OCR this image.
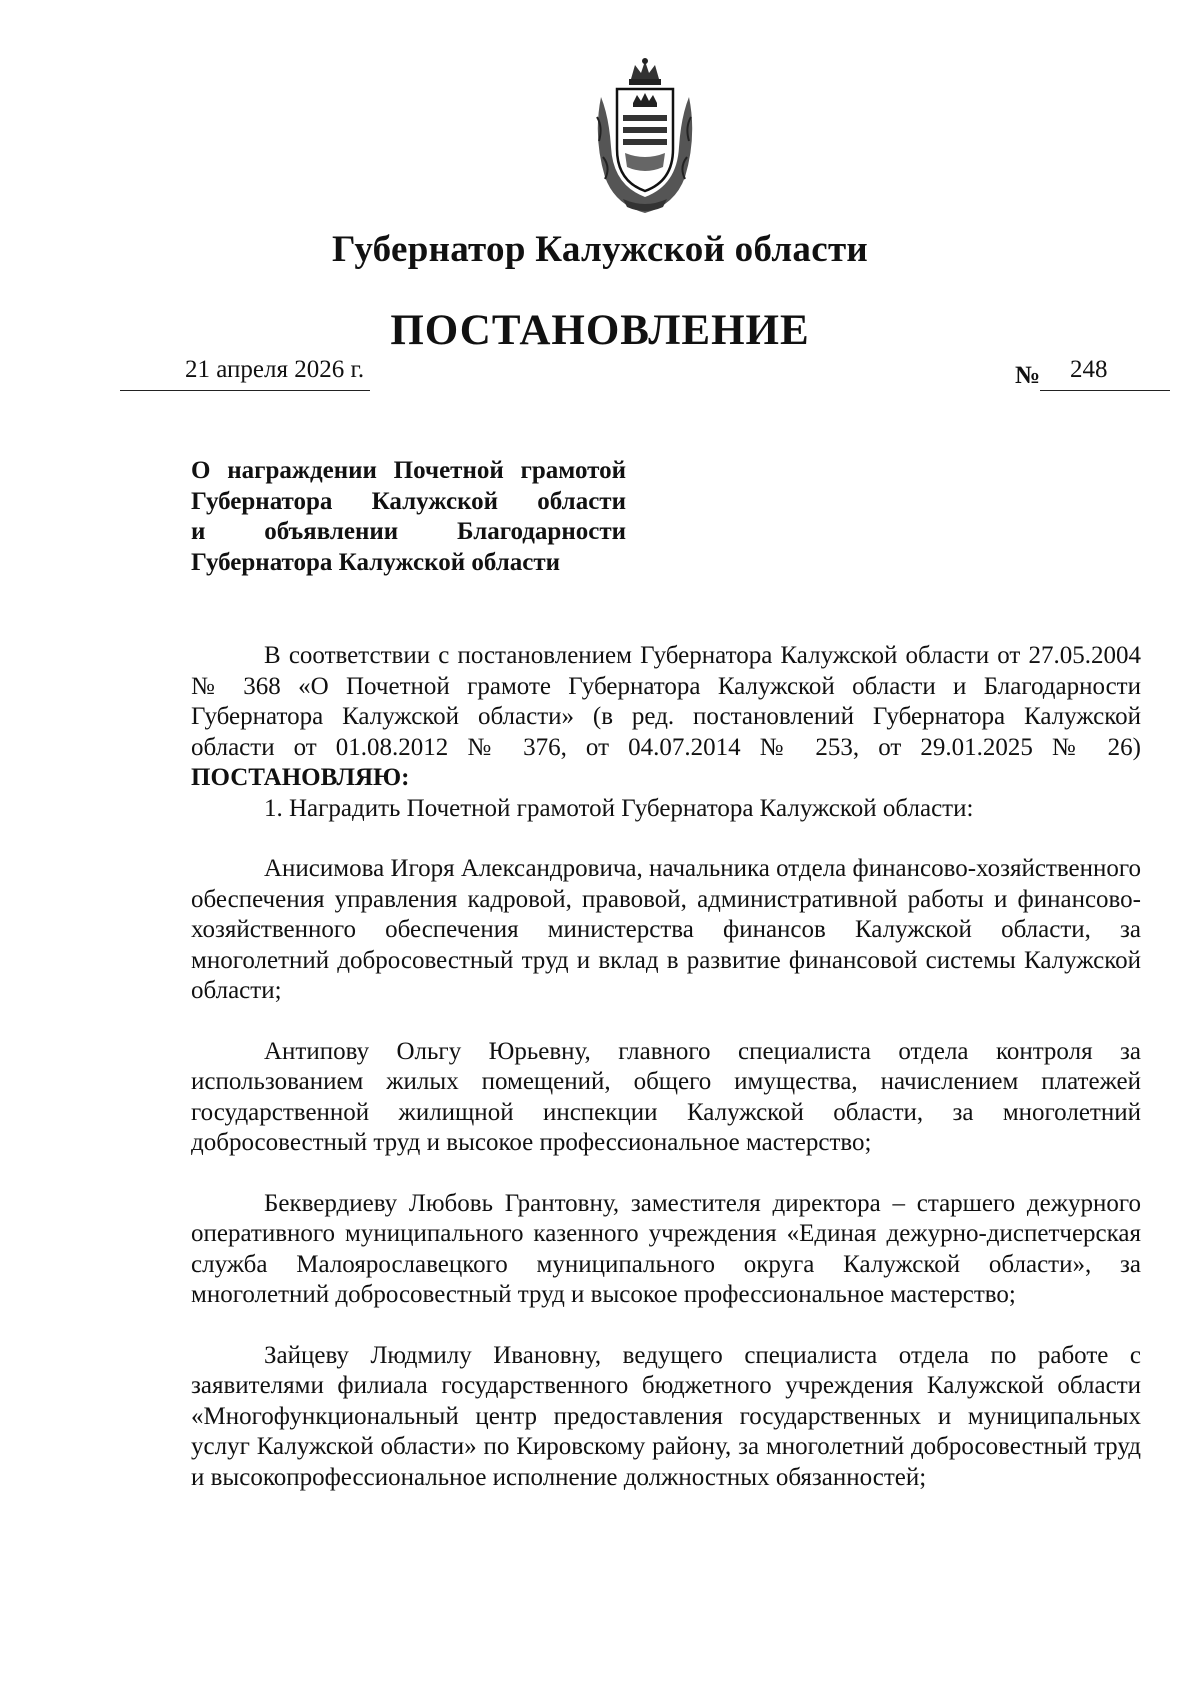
Губернатор Калужской области
ПОСТАНОВЛЕНИЕ
21 апреля 2026 г.	№ 248
О награждении Почетной грамотой
Губернатора Калужской области
и объявлении Благодарности
Губернатора Калужской области

В соответствии с постановлением Губернатора Калужской области от 27.05.2004 № 368 «О Почетной грамоте Губернатора Калужской области и Благодарности Губернатора Калужской области» (в ред. постановлений Губернатора Калужской области от 01.08.2012 № 376, от 04.07.2014 № 253, от 29.01.2025 № 26) ПОСТАНОВЛЯЮ:

1. Наградить Почетной грамотой Губернатора Калужской области:

Анисимова Игоря Александровича, начальника отдела финансово-хозяйственного обеспечения управления кадровой, правовой, административной работы и финансово-хозяйственного обеспечения министерства финансов Калужской области, за многолетний добросовестный труд и вклад в развитие финансовой системы Калужской области;

Антипову Ольгу Юрьевну, главного специалиста отдела контроля за использованием жилых помещений, общего имущества, начислением платежей государственной жилищной инспекции Калужской области, за многолетний добросовестный труд и высокое профессиональное мастерство;

Беквердиеву Любовь Грантовну, заместителя директора – старшего дежурного оперативного муниципального казенного учреждения «Единая дежурно-диспетчерская служба Малоярославецкого муниципального округа Калужской области», за многолетний добросовестный труд и высокое профессиональное мастерство;

Зайцеву Людмилу Ивановну, ведущего специалиста отдела по работе с заявителями филиала государственного бюджетного учреждения Калужской области «Многофункциональный центр предоставления государственных и муниципальных услуг Калужской области» по Кировскому району, за многолетний добросовестный труд и высокопрофессиональное исполнение должностных обязанностей;
